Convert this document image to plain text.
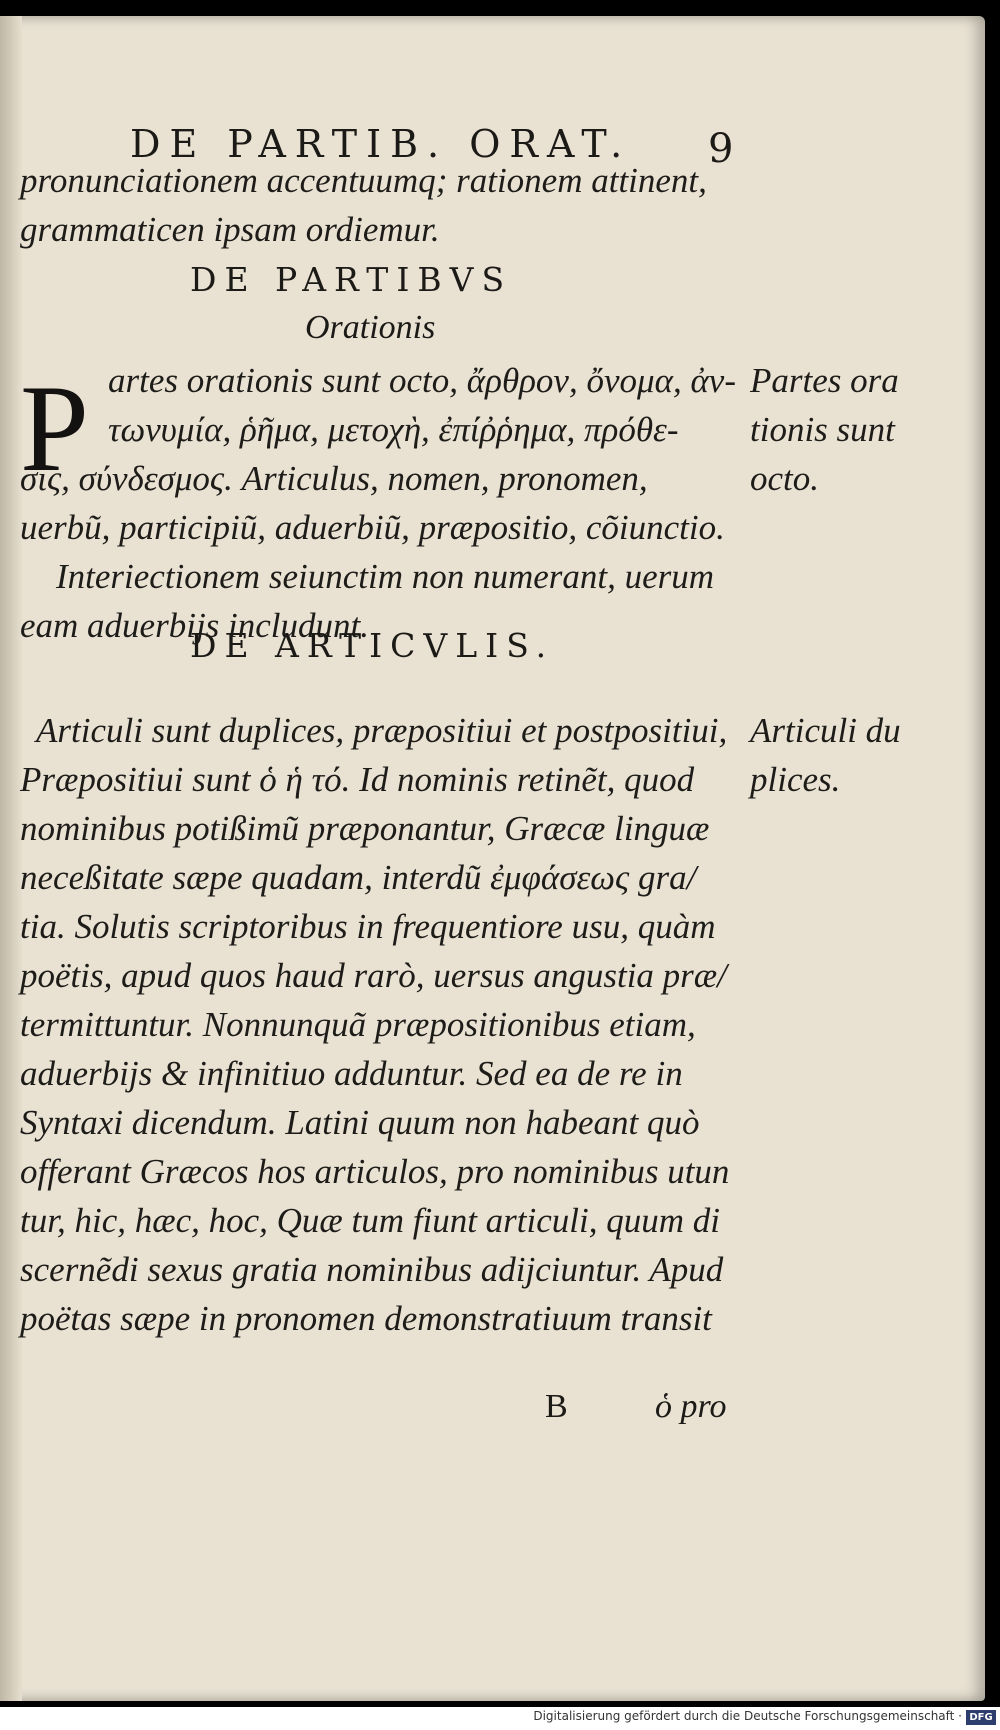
DE PARTIB. ORAT. 9
pronunciationem accentuumq; rationem attinent,
grammaticen ipsam ordiemur.
DE PARTIBVS
Orationis
P artes orationis sunt octo, ἄρθρον, ὄνομα, ἀν-
τωνυμία, ῥῆμα, μετοχὴ, ἐπίῤῥημα, πρόθε-
σις, σύνδεσμος. Articulus, nomen, pronomen,
uerbũ, participiũ, aduerbiũ, præpositio, cõiunctio.
Interiectionem seiunctim non numerant, uerum
eam aduerbijs includunt.
Partes ora
tionis sunt
octo.
DE ARTICVLIS.
Articuli sunt duplices, præpositiui et postpositiui,
Præpositiui sunt ὁ ἡ τό. Id nominis retinẽt, quod
nominibus potißimũ præponantur, Græcæ linguæ
neceßitate sæpe quadam, interdũ ἐμφάσεως gra/
tia. Solutis scriptoribus in frequentiore usu, quàm
poëtis, apud quos haud rarò, uersus angustia præ/
termittuntur. Nonnunquã præpositionibus etiam,
aduerbijs & infinitiuo adduntur. Sed ea de re in
Syntaxi dicendum. Latini quum non habeant quò
offerant Græcos hos articulos, pro nominibus utun
tur, hic, hæc, hoc, Quæ tum fiunt articuli, quum di
scernẽdi sexus gratia nominibus adijciuntur. Apud
poëtas sæpe in pronomen demonstratiuum transit
Articuli du
plices.
B	ὁ pro
Digitalisierung gefördert durch die Deutsche Forschungsgemeinschaft · DFG
